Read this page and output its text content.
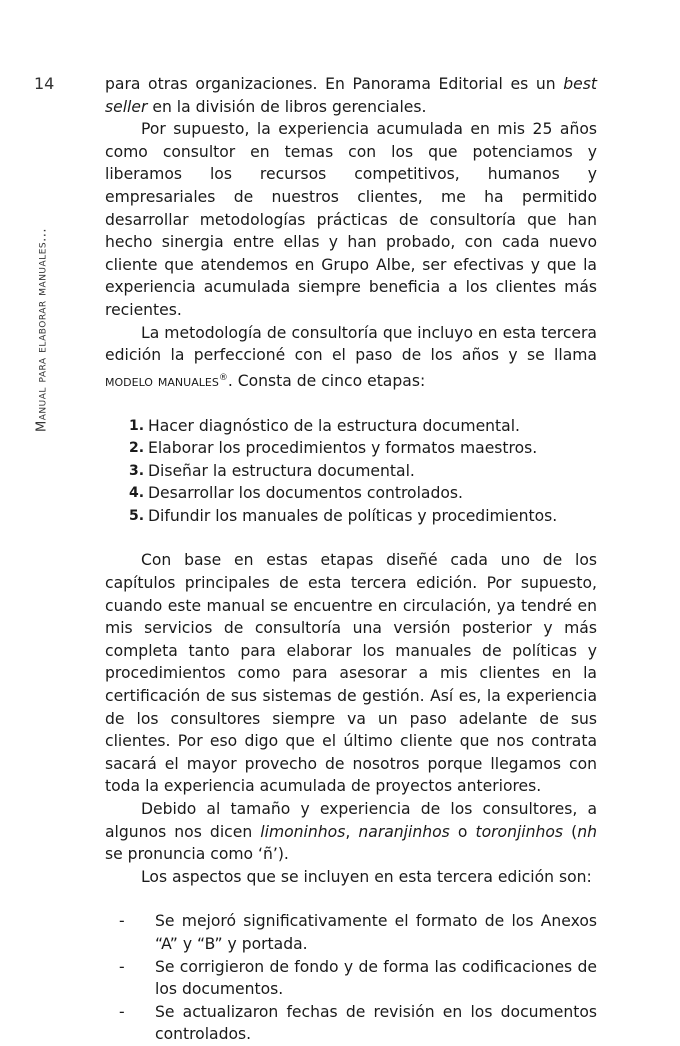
14
Manual para elaborar manuales...

para otras organizaciones. En Panorama Editorial es un best seller en la división de libros gerenciales.

Por supuesto, la experiencia acumulada en mis 25 años como consultor en temas con los que potenciamos y liberamos los recursos competitivos, humanos y empresariales de nuestros clientes, me ha permitido desarrollar metodologías prácticas de consultoría que han hecho sinergia entre ellas y han probado, con cada nuevo cliente que atendemos en Grupo Albe, ser efectivas y que la experiencia acumulada siempre beneficia a los clientes más recientes.

La metodología de consultoría que incluyo en esta tercera edición la perfeccioné con el paso de los años y se llama modelo manuales®. Consta de cinco etapas:

1. Hacer diagnóstico de la estructura documental.
2. Elaborar los procedimientos y formatos maestros.
3. Diseñar la estructura documental.
4. Desarrollar los documentos controlados.
5. Difundir los manuales de políticas y procedimientos.

Con base en estas etapas diseñé cada uno de los capítulos principales de esta tercera edición. Por supuesto, cuando este manual se encuentre en circulación, ya tendré en mis servicios de consultoría una versión posterior y más completa tanto para elaborar los manuales de políticas y procedimientos como para asesorar a mis clientes en la certificación de sus sistemas de gestión. Así es, la experiencia de los consultores siempre va un paso adelante de sus clientes. Por eso digo que el último cliente que nos contrata sacará el mayor provecho de nosotros porque llegamos con toda la experiencia acumulada de proyectos anteriores.

Debido al tamaño y experiencia de los consultores, a algunos nos dicen limoninhos, naranjinhos o toronjinhos (nh se pronuncia como ‘ñ’).

Los aspectos que se incluyen en esta tercera edición son:

-	Se mejoró significativamente el formato de los Anexos “A” y “B” y portada.
-	Se corrigieron de fondo y de forma las codificaciones de los documentos.
-	Se actualizaron fechas de revisión en los documentos controlados.
